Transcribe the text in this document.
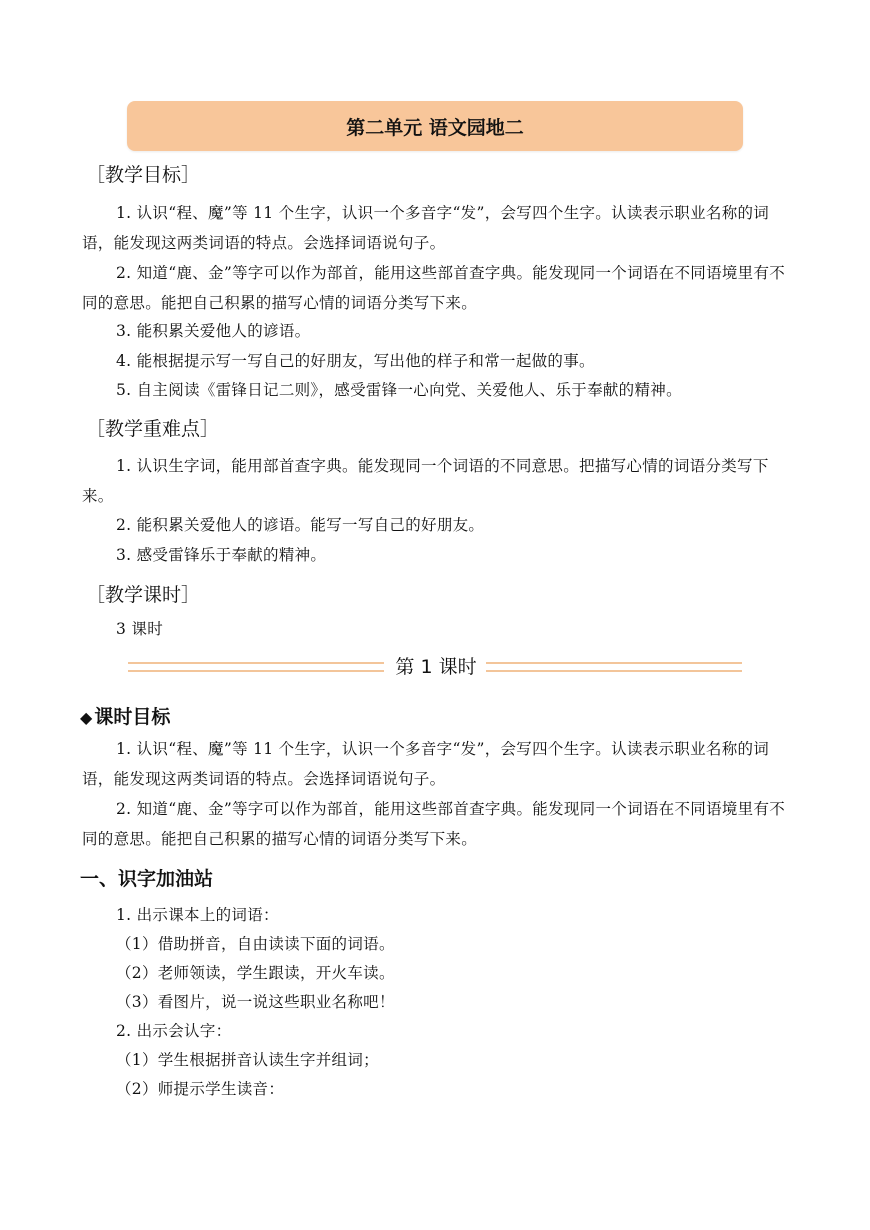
第二单元 语文园地二
［教学目标］
1. 认识“程、魔”等 11 个生字，认识一个多音字“发”，会写四个生字。认读表示职业名称的词语，能发现这两类词语的特点。会选择词语说句子。
2. 知道“鹿、金”等字可以作为部首，能用这些部首查字典。能发现同一个词语在不同语境里有不同的意思。能把自己积累的描写心情的词语分类写下来。
3. 能积累关爱他人的谚语。
4. 能根据提示写一写自己的好朋友，写出他的样子和常一起做的事。
5. 自主阅读《雷锋日记二则》，感受雷锋一心向党、关爱他人、乐于奉献的精神。
［教学重难点］
1. 认识生字词，能用部首查字典。能发现同一个词语的不同意思。把描写心情的词语分类写下来。
2. 能积累关爱他人的谚语。能写一写自己的好朋友。
3. 感受雷锋乐于奉献的精神。
［教学课时］
3 课时
第 1 课时
◆ 课时目标
1. 认识“程、魔”等 11 个生字，认识一个多音字“发”，会写四个生字。认读表示职业名称的词语，能发现这两类词语的特点。会选择词语说句子。
2. 知道“鹿、金”等字可以作为部首，能用这些部首查字典。能发现同一个词语在不同语境里有不同的意思。能把自己积累的描写心情的词语分类写下来。
一、识字加油站
1. 出示课本上的词语：
（1）借助拼音，自由读读下面的词语。
（2）老师领读，学生跟读，开火车读。
（3）看图片，说一说这些职业名称吧！
2. 出示会认字：
（1）学生根据拼音认读生字并组词；
（2）师提示学生读音：
